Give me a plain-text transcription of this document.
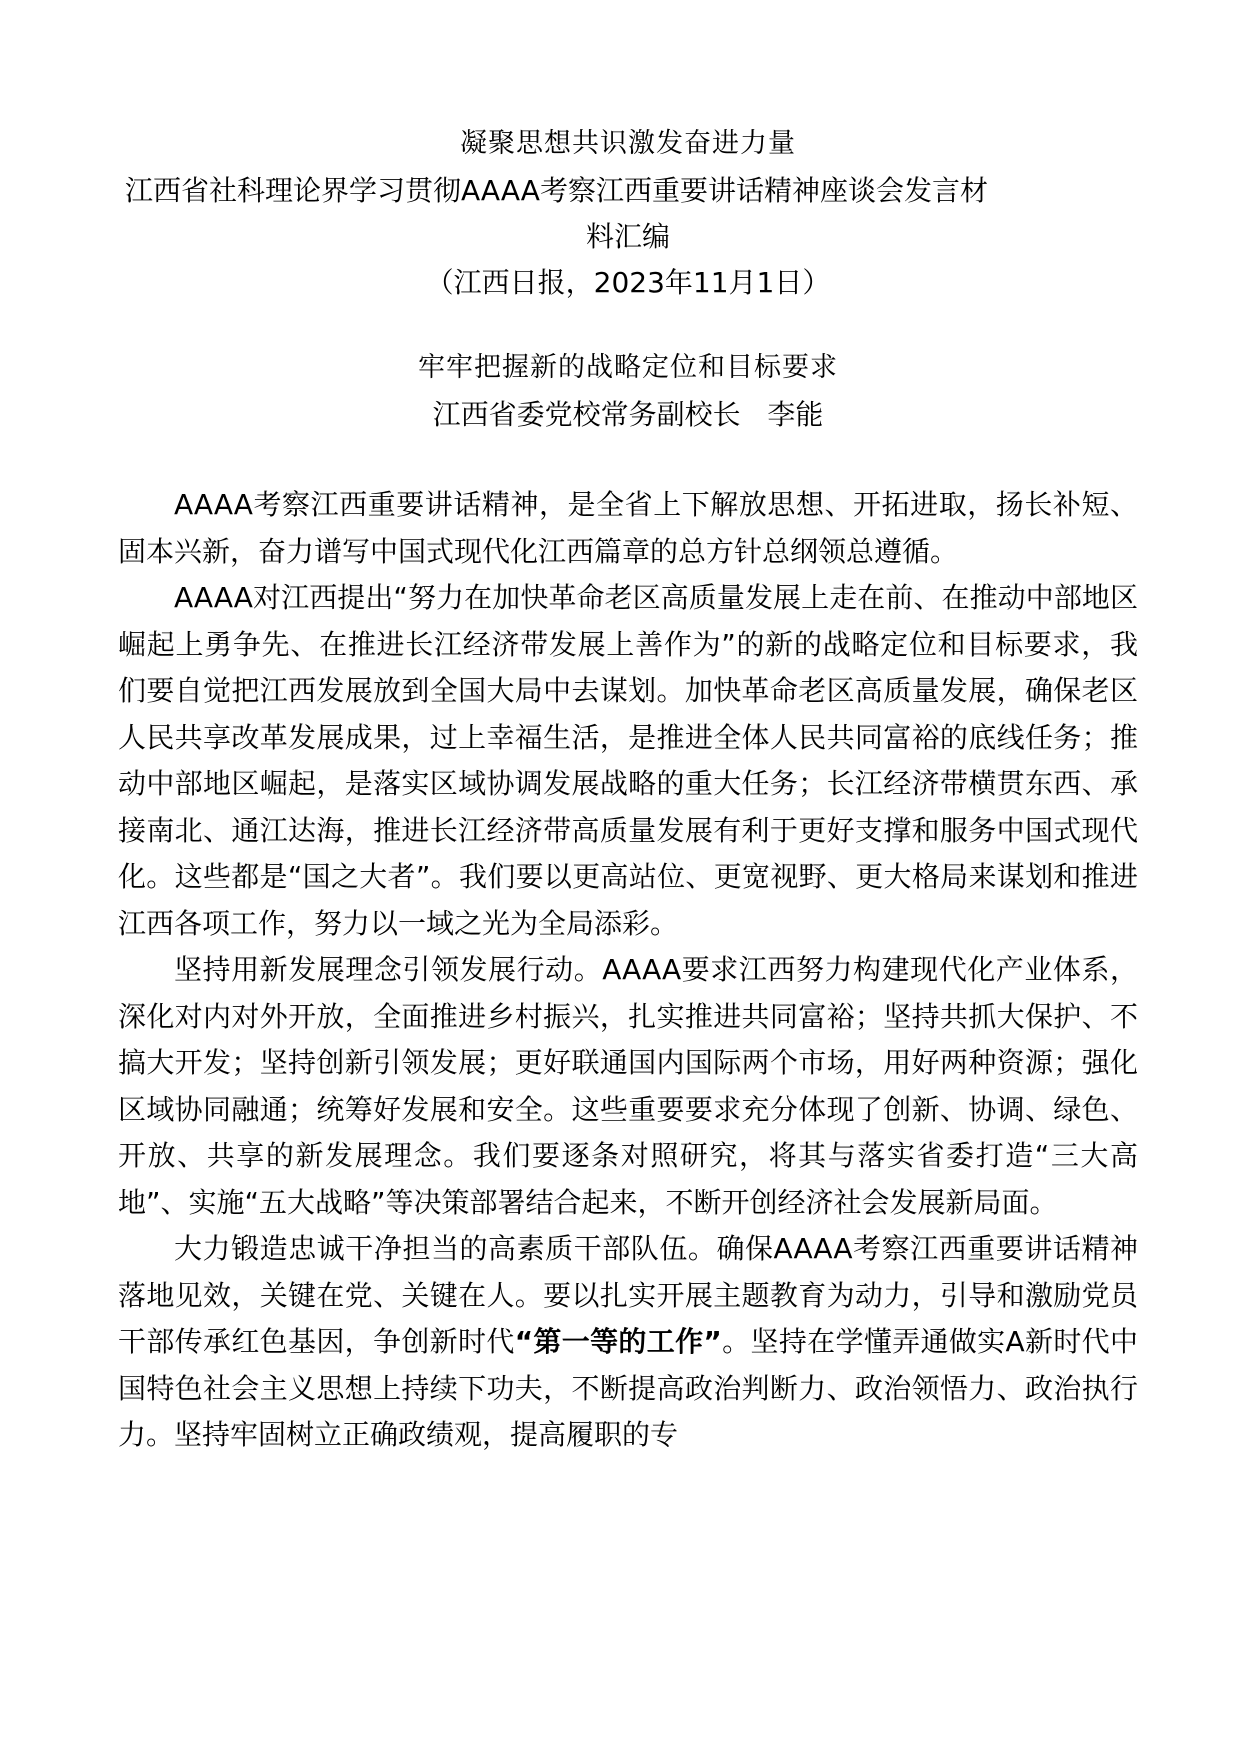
凝聚思想共识激发奋进力量
江西省社科理论界学习贯彻AAAA考察江西重要讲话精神座谈会发言材
料汇编

（江西日报，2023年11月1日）

牢牢把握新的战略定位和目标要求

江西省委党校常务副校长   李能

AAAA考察江西重要讲话精神，是全省上下解放思想、开拓进取，扬长补短、固本兴新，奋力谱写中国式现代化江西篇章的总方针总纲领总遵循。

AAAA对江西提出“努力在加快革命老区高质量发展上走在前、在推动中部地区崛起上勇争先、在推进长江经济带发展上善作为”的新的战略定位和目标要求，我们要自觉把江西发展放到全国大局中去谋划。加快革命老区高质量发展，确保老区人民共享改革发展成果，过上幸福生活，是推进全体人民共同富裕的底线任务；推动中部地区崛起，是落实区域协调发展战略的重大任务；长江经济带横贯东西、承接南北、通江达海，推进长江经济带高质量发展有利于更好支撑和服务中国式现代化。这些都是“国之大者”。我们要以更高站位、更宽视野、更大格局来谋划和推进江西各项工作，努力以一域之光为全局添彩。

坚持用新发展理念引领发展行动。AAAA要求江西努力构建现代化产业体系，深化对内对外开放，全面推进乡村振兴，扎实推进共同富裕；坚持共抓大保护、不搞大开发；坚持创新引领发展；更好联通国内国际两个市场，用好两种资源；强化区域协同融通；统筹好发展和安全。这些重要要求充分体现了创新、协调、绿色、开放、共享的新发展理念。我们要逐条对照研究，将其与落实省委打造“三大高地”、实施“五大战略”等决策部署结合起来，不断开创经济社会发展新局面。

大力锻造忠诚干净担当的高素质干部队伍。确保AAAA考察江西重要讲话精神落地见效，关键在党、关键在人。要以扎实开展主题教育为动力，引导和激励党员干部传承红色基因，争创新时代“第一等的工作”。坚持在学懂弄通做实A新时代中国特色社会主义思想上持续下功夫，不断提高政治判断力、政治领悟力、政治执行力。坚持牢固树立正确政绩观，提高履职的专
